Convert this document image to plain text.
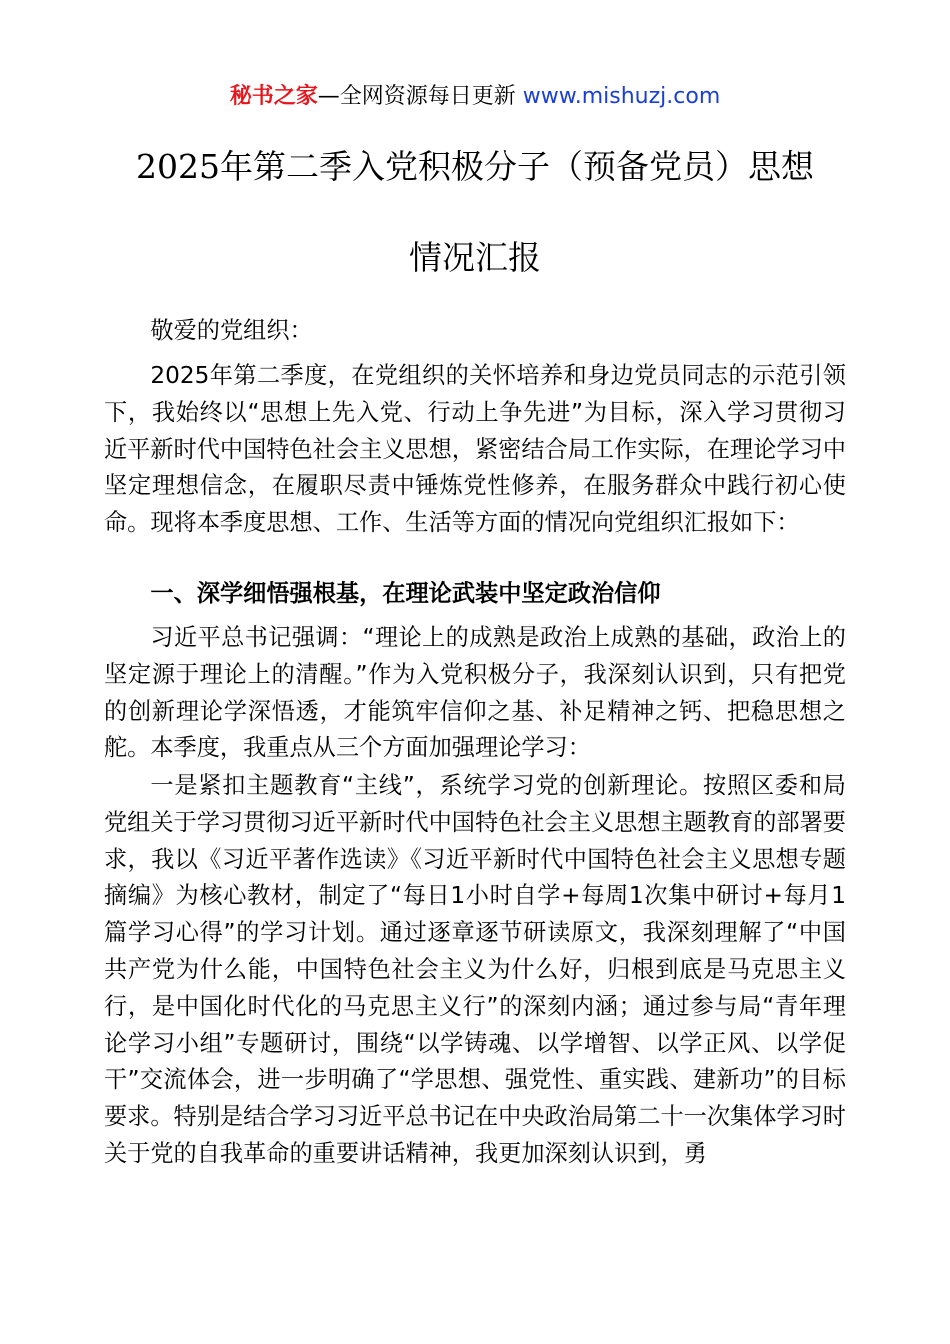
秘书之家—全网资源每日更新 www.mishuzj.com
2025年第二季入党积极分子（预备党员）思想
情况汇报
敬爱的党组织：
2025年第二季度，在党组织的关怀培养和身边党员同志的示范引领下，我始终以“思想上先入党、行动上争先进”为目标，深入学习贯彻习近平新时代中国特色社会主义思想，紧密结合局工作实际，在理论学习中坚定理想信念，在履职尽责中锤炼党性修养，在服务群众中践行初心使命。现将本季度思想、工作、生活等方面的情况向党组织汇报如下：
一、深学细悟强根基，在理论武装中坚定政治信仰
习近平总书记强调：“理论上的成熟是政治上成熟的基础，政治上的坚定源于理论上的清醒。”作为入党积极分子，我深刻认识到，只有把党的创新理论学深悟透，才能筑牢信仰之基、补足精神之钙、把稳思想之舵。本季度，我重点从三个方面加强理论学习：
一是紧扣主题教育“主线”，系统学习党的创新理论。按照区委和局党组关于学习贯彻习近平新时代中国特色社会主义思想主题教育的部署要求，我以《习近平著作选读》《习近平新时代中国特色社会主义思想专题摘编》为核心教材，制定了“每日1小时自学+每周1次集中研讨+每月1篇学习心得”的学习计划。通过逐章逐节研读原文，我深刻理解了“中国共产党为什么能，中国特色社会主义为什么好，归根到底是马克思主义行，是中国化时代化的马克思主义行”的深刻内涵；通过参与局“青年理论学习小组”专题研讨，围绕“以学铸魂、以学增智、以学正风、以学促干”交流体会，进一步明确了“学思想、强党性、重实践、建新功”的目标要求。特别是结合学习习近平总书记在中央政治局第二十一次集体学习时关于党的自我革命的重要讲话精神，我更加深刻认识到，勇
